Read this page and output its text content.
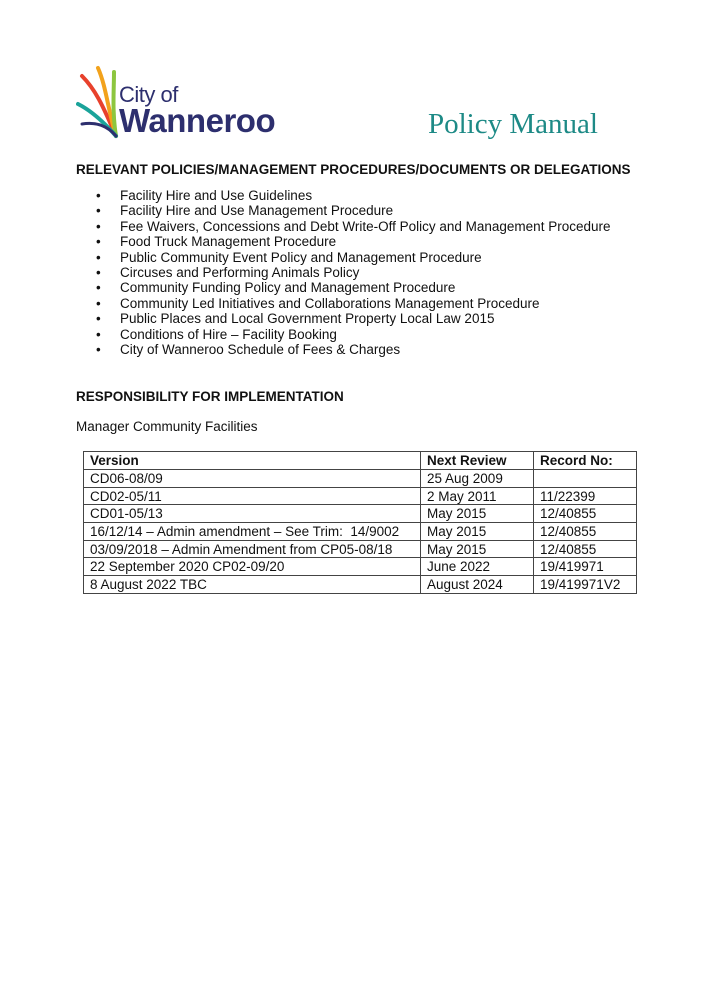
City of
Wanneroo	Policy Manual
RELEVANT POLICIES/MANAGEMENT PROCEDURES/DOCUMENTS OR DELEGATIONS
• Facility Hire and Use Guidelines
• Facility Hire and Use Management Procedure
• Fee Waivers, Concessions and Debt Write-Off Policy and Management Procedure
• Food Truck Management Procedure
• Public Community Event Policy and Management Procedure
• Circuses and Performing Animals Policy
• Community Funding Policy and Management Procedure
• Community Led Initiatives and Collaborations Management Procedure
• Public Places and Local Government Property Local Law 2015
• Conditions of Hire – Facility Booking
• City of Wanneroo Schedule of Fees & Charges
RESPONSIBILITY FOR IMPLEMENTATION
Manager Community Facilities
Version	Next Review	Record No:
CD06-08/09	25 Aug 2009	
CD02-05/11	2 May 2011	11/22399
CD01-05/13	May 2015	12/40855
16/12/14 – Admin amendment – See Trim:  14/9002	May 2015	12/40855
03/09/2018 – Admin Amendment from CP05-08/18	May 2015	12/40855
22 September 2020 CP02-09/20	June 2022	19/419971
8 August 2022 TBC	August 2024	19/419971V2
